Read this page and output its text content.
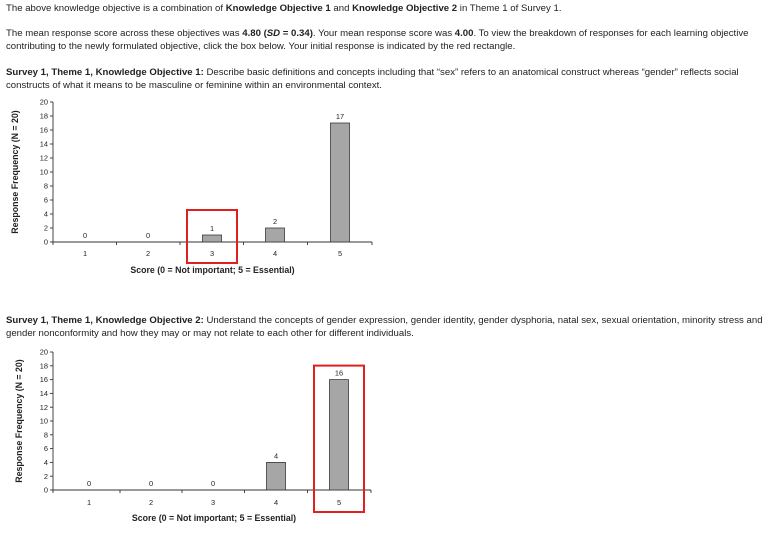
The above knowledge objective is a combination of Knowledge Objective 1 and Knowledge Objective 2 in Theme 1 of Survey 1.
The mean response score across these objectives was 4.80 (SD = 0.34). Your mean response score was 4.00. To view the breakdown of responses for each learning objective contributing to the newly formulated objective, click the box below. Your initial response is indicated by the red rectangle.
Survey 1, Theme 1, Knowledge Objective 1: Describe basic definitions and concepts including that “sex” refers to an anatomical construct whereas “gender” reflects social constructs of what it means to be masculine or feminine within an environmental context.
0
2
4
6
8
10
12
14
16
18
20
0
1
0
2
1
3
2
4
17
5
Response Frequency (N = 20)
Score (0 = Not important; 5 = Essential)
Survey 1, Theme 1, Knowledge Objective 2: Understand the concepts of gender expression, gender identity, gender dysphoria, natal sex, sexual orientation, minority stress and gender nonconformity and how they may or may not relate to each other for different individuals.
0
2
4
6
8
10
12
14
16
18
20
0
1
0
2
0
3
4
4
16
5
Response Frequency (N = 20)
Score (0 = Not important; 5 = Essential)
